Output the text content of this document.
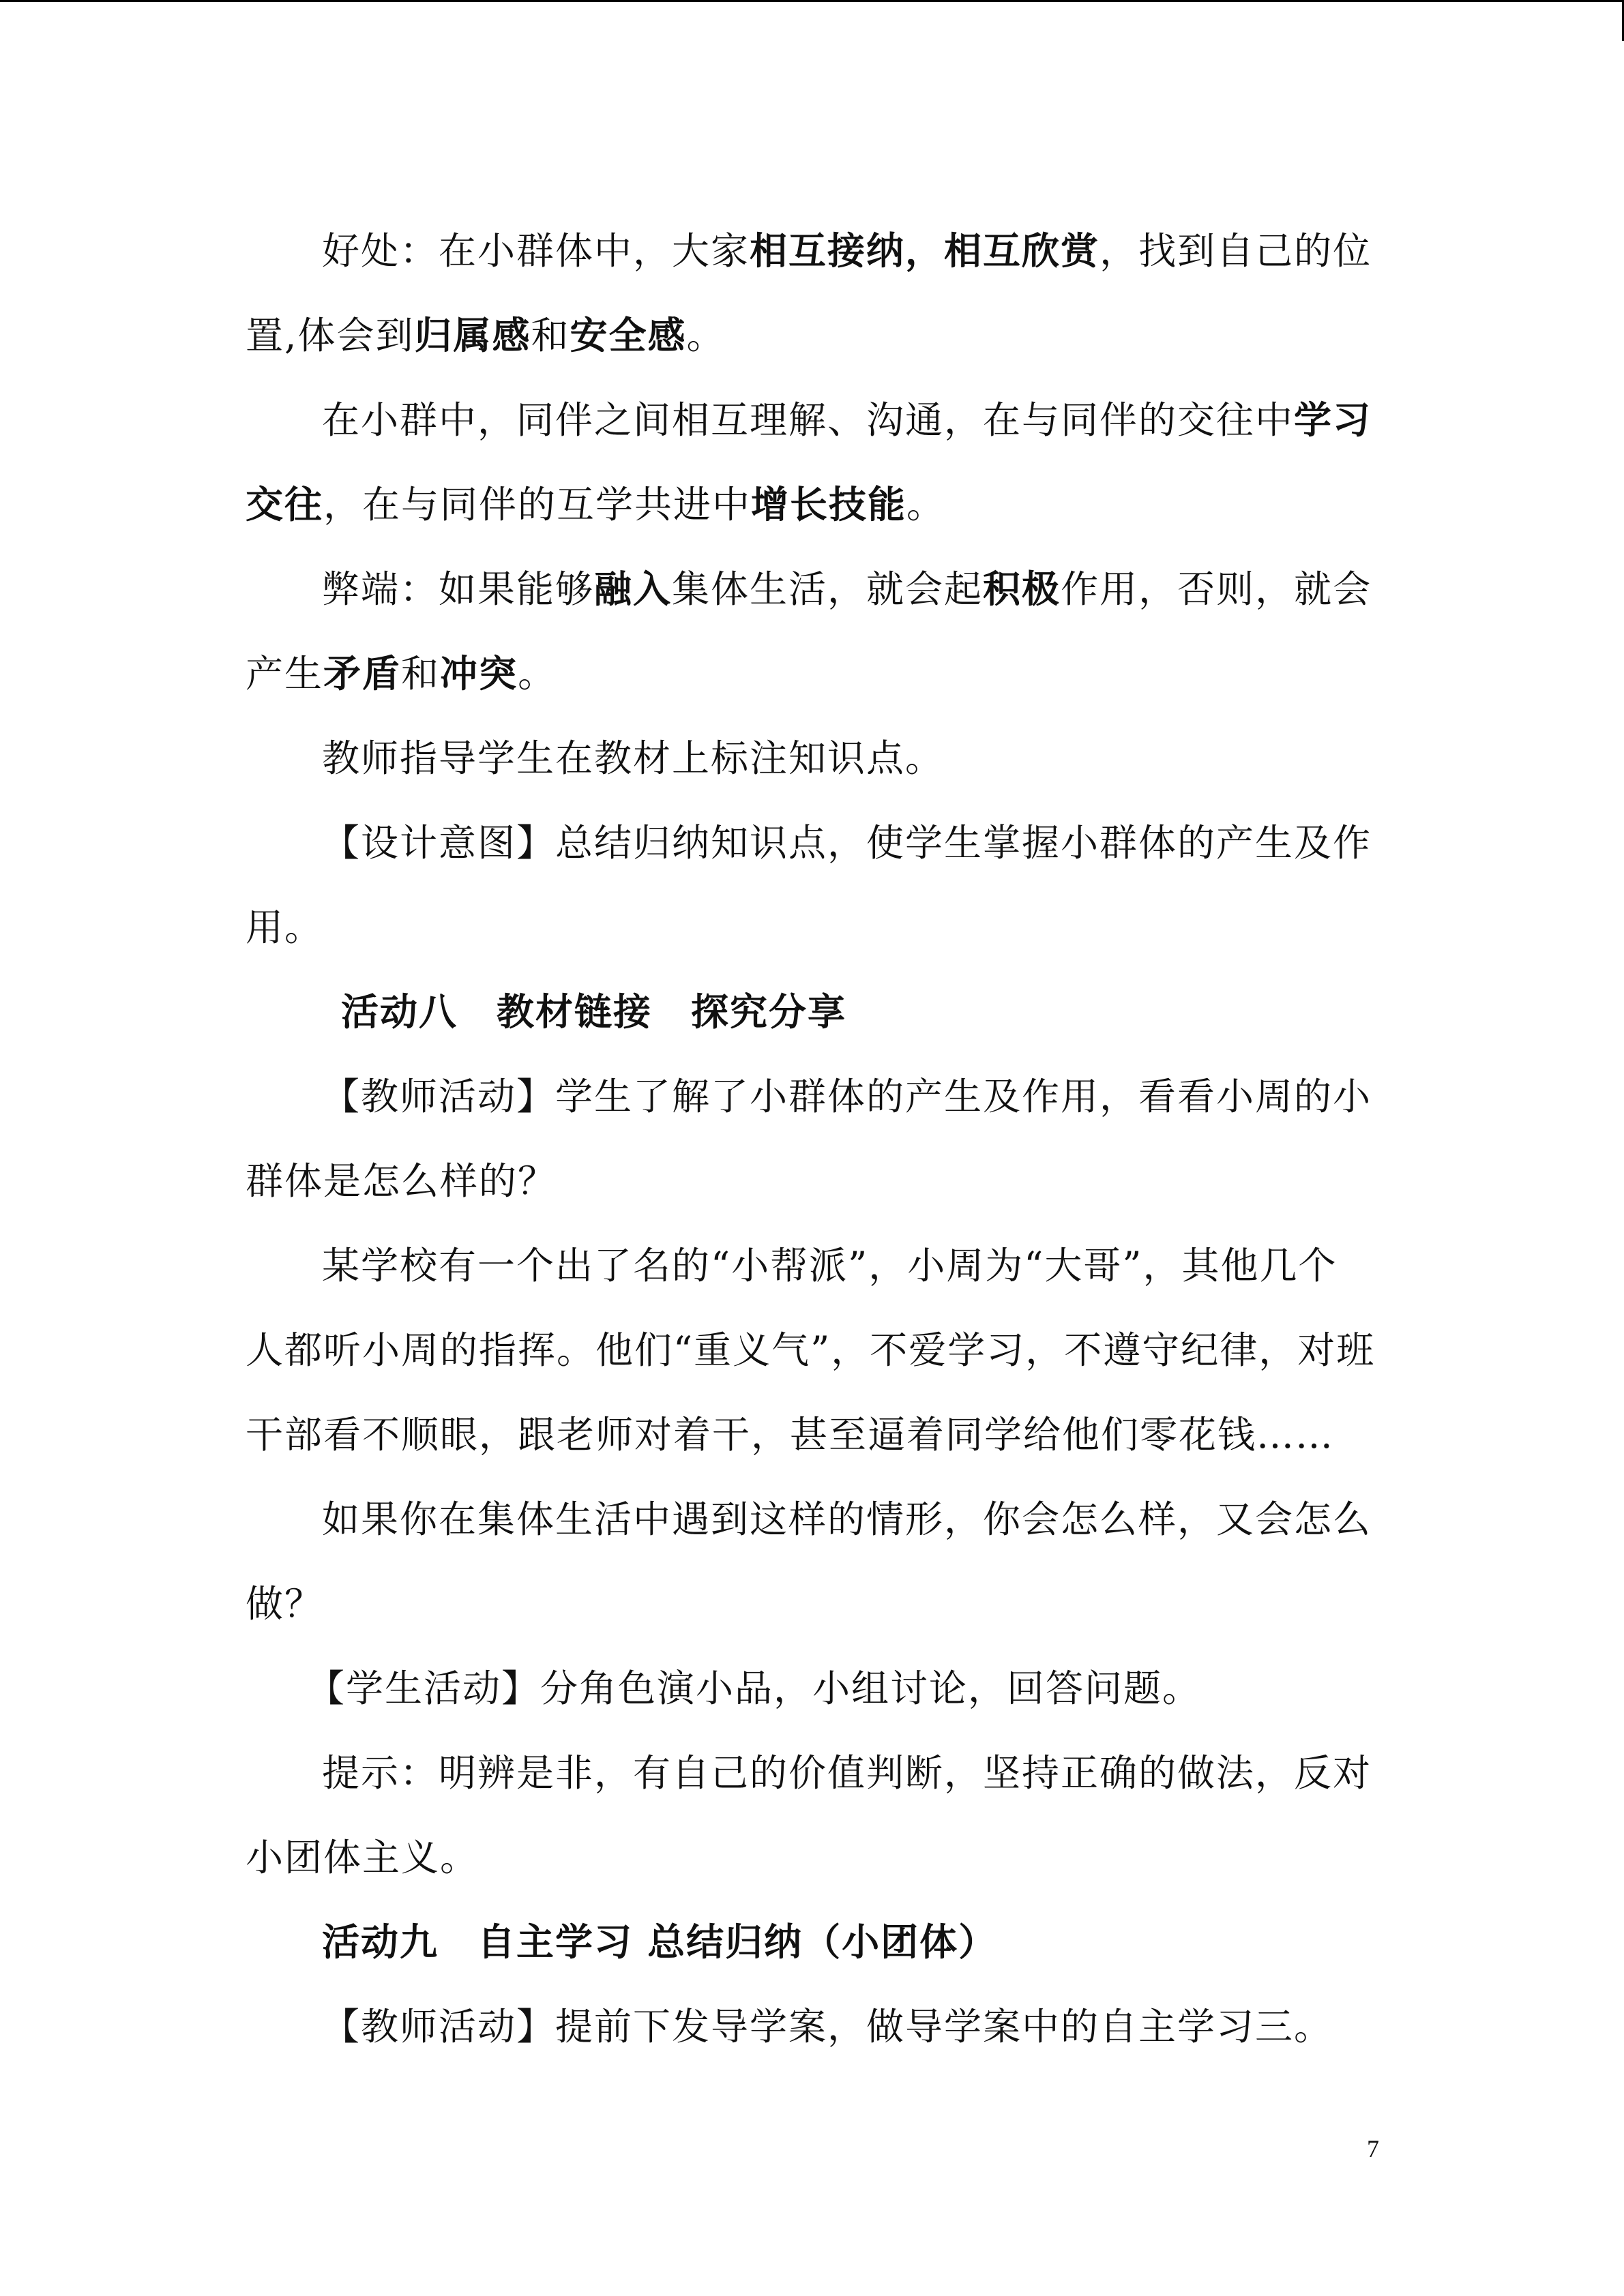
好处：在小群体中，大家相互接纳，相互欣赏，找到自己的位
置,体会到归属感和安全感。
在小群中，同伴之间相互理解、沟通，在与同伴的交往中学习
交往，在与同伴的互学共进中增长技能。
弊端：如果能够融入集体生活，就会起积极作用，否则，就会
产生矛盾和冲突。
教师指导学生在教材上标注知识点。
【设计意图】总结归纳知识点，使学生掌握小群体的产生及作
用。
活动八　教材链接　探究分享
【教师活动】学生了解了小群体的产生及作用，看看小周的小
群体是怎么样的？
某学校有一个出了名的“小帮派”，小周为“大哥”，其他几个
人都听小周的指挥。他们“重义气”，不爱学习，不遵守纪律，对班
干部看不顺眼，跟老师对着干，甚至逼着同学给他们零花钱……
如果你在集体生活中遇到这样的情形，你会怎么样，又会怎么
做？
【学生活动】分角色演小品，小组讨论，回答问题。
提示：明辨是非，有自己的价值判断，坚持正确的做法，反对
小团体主义。
活动九　自主学习 总结归纳（小团体）
【教师活动】提前下发导学案，做导学案中的自主学习三。
7
